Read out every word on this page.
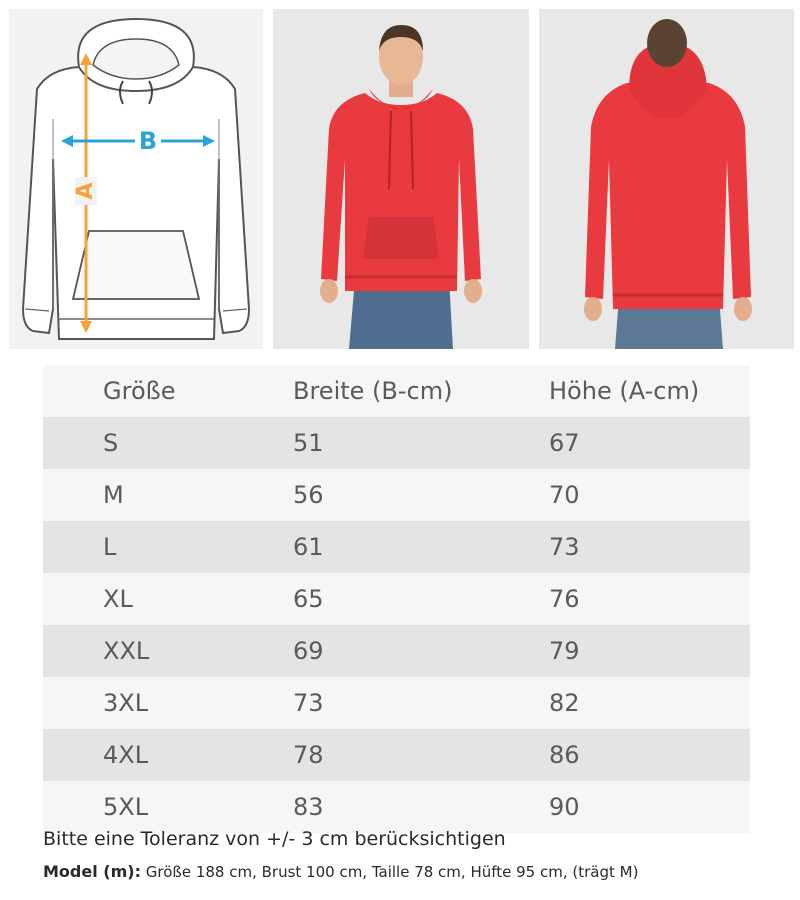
A
B
Größe	Breite (B-cm)	Höhe (A-cm)
S	51	67
M	56	70
L	61	73
XL	65	76
XXL	69	79
3XL	73	82
4XL	78	86
5XL	83	90
Bitte eine Toleranz von +/- 3 cm berücksichtigen
Model (m): Größe 188 cm, Brust 100 cm, Taille 78 cm, Hüfte 95 cm, (trägt M)
